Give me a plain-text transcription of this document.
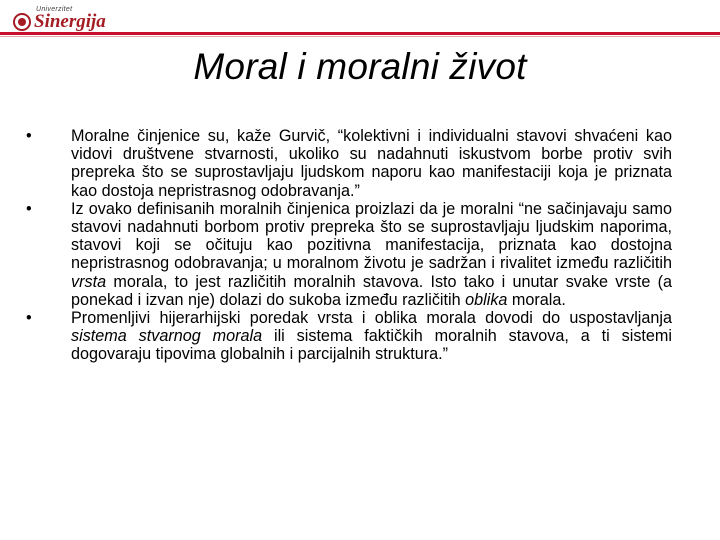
Univerzitet
Sinergija
Moral i moralni život
• Moralne činjenice su, kaže Gurvič, “kolektivni i individualni stavovi shvaćeni kao vidovi društvene stvarnosti, ukoliko su nadahnuti iskustvom borbe protiv svih prepreka što se suprostavljaju ljudskom naporu kao manifestaciji koja je priznata kao dostoja nepristrasnog odobravanja.”
• Iz ovako definisanih moralnih činjenica proizlazi da je moralni “ne sačinjavaju samo stavovi nadahnuti borbom protiv prepreka što se suprostavljaju ljudskim naporima, stavovi koji se očituju kao pozitivna manifestacija, priznata kao dostojna nepristrasnog odobravanja; u moralnom životu je sadržan i rivalitet između različitih vrsta morala, to jest različitih moralnih stavova. Isto tako i unutar svake vrste (a ponekad i izvan nje) dolazi do sukoba između različitih oblika morala.
• Promenljivi hijerarhijski poredak vrsta i oblika morala dovodi do uspostavljanja sistema stvarnog morala ili sistema faktičkih moralnih stavova, a ti sistemi dogovaraju tipovima globalnih i parcijalnih struktura.”
